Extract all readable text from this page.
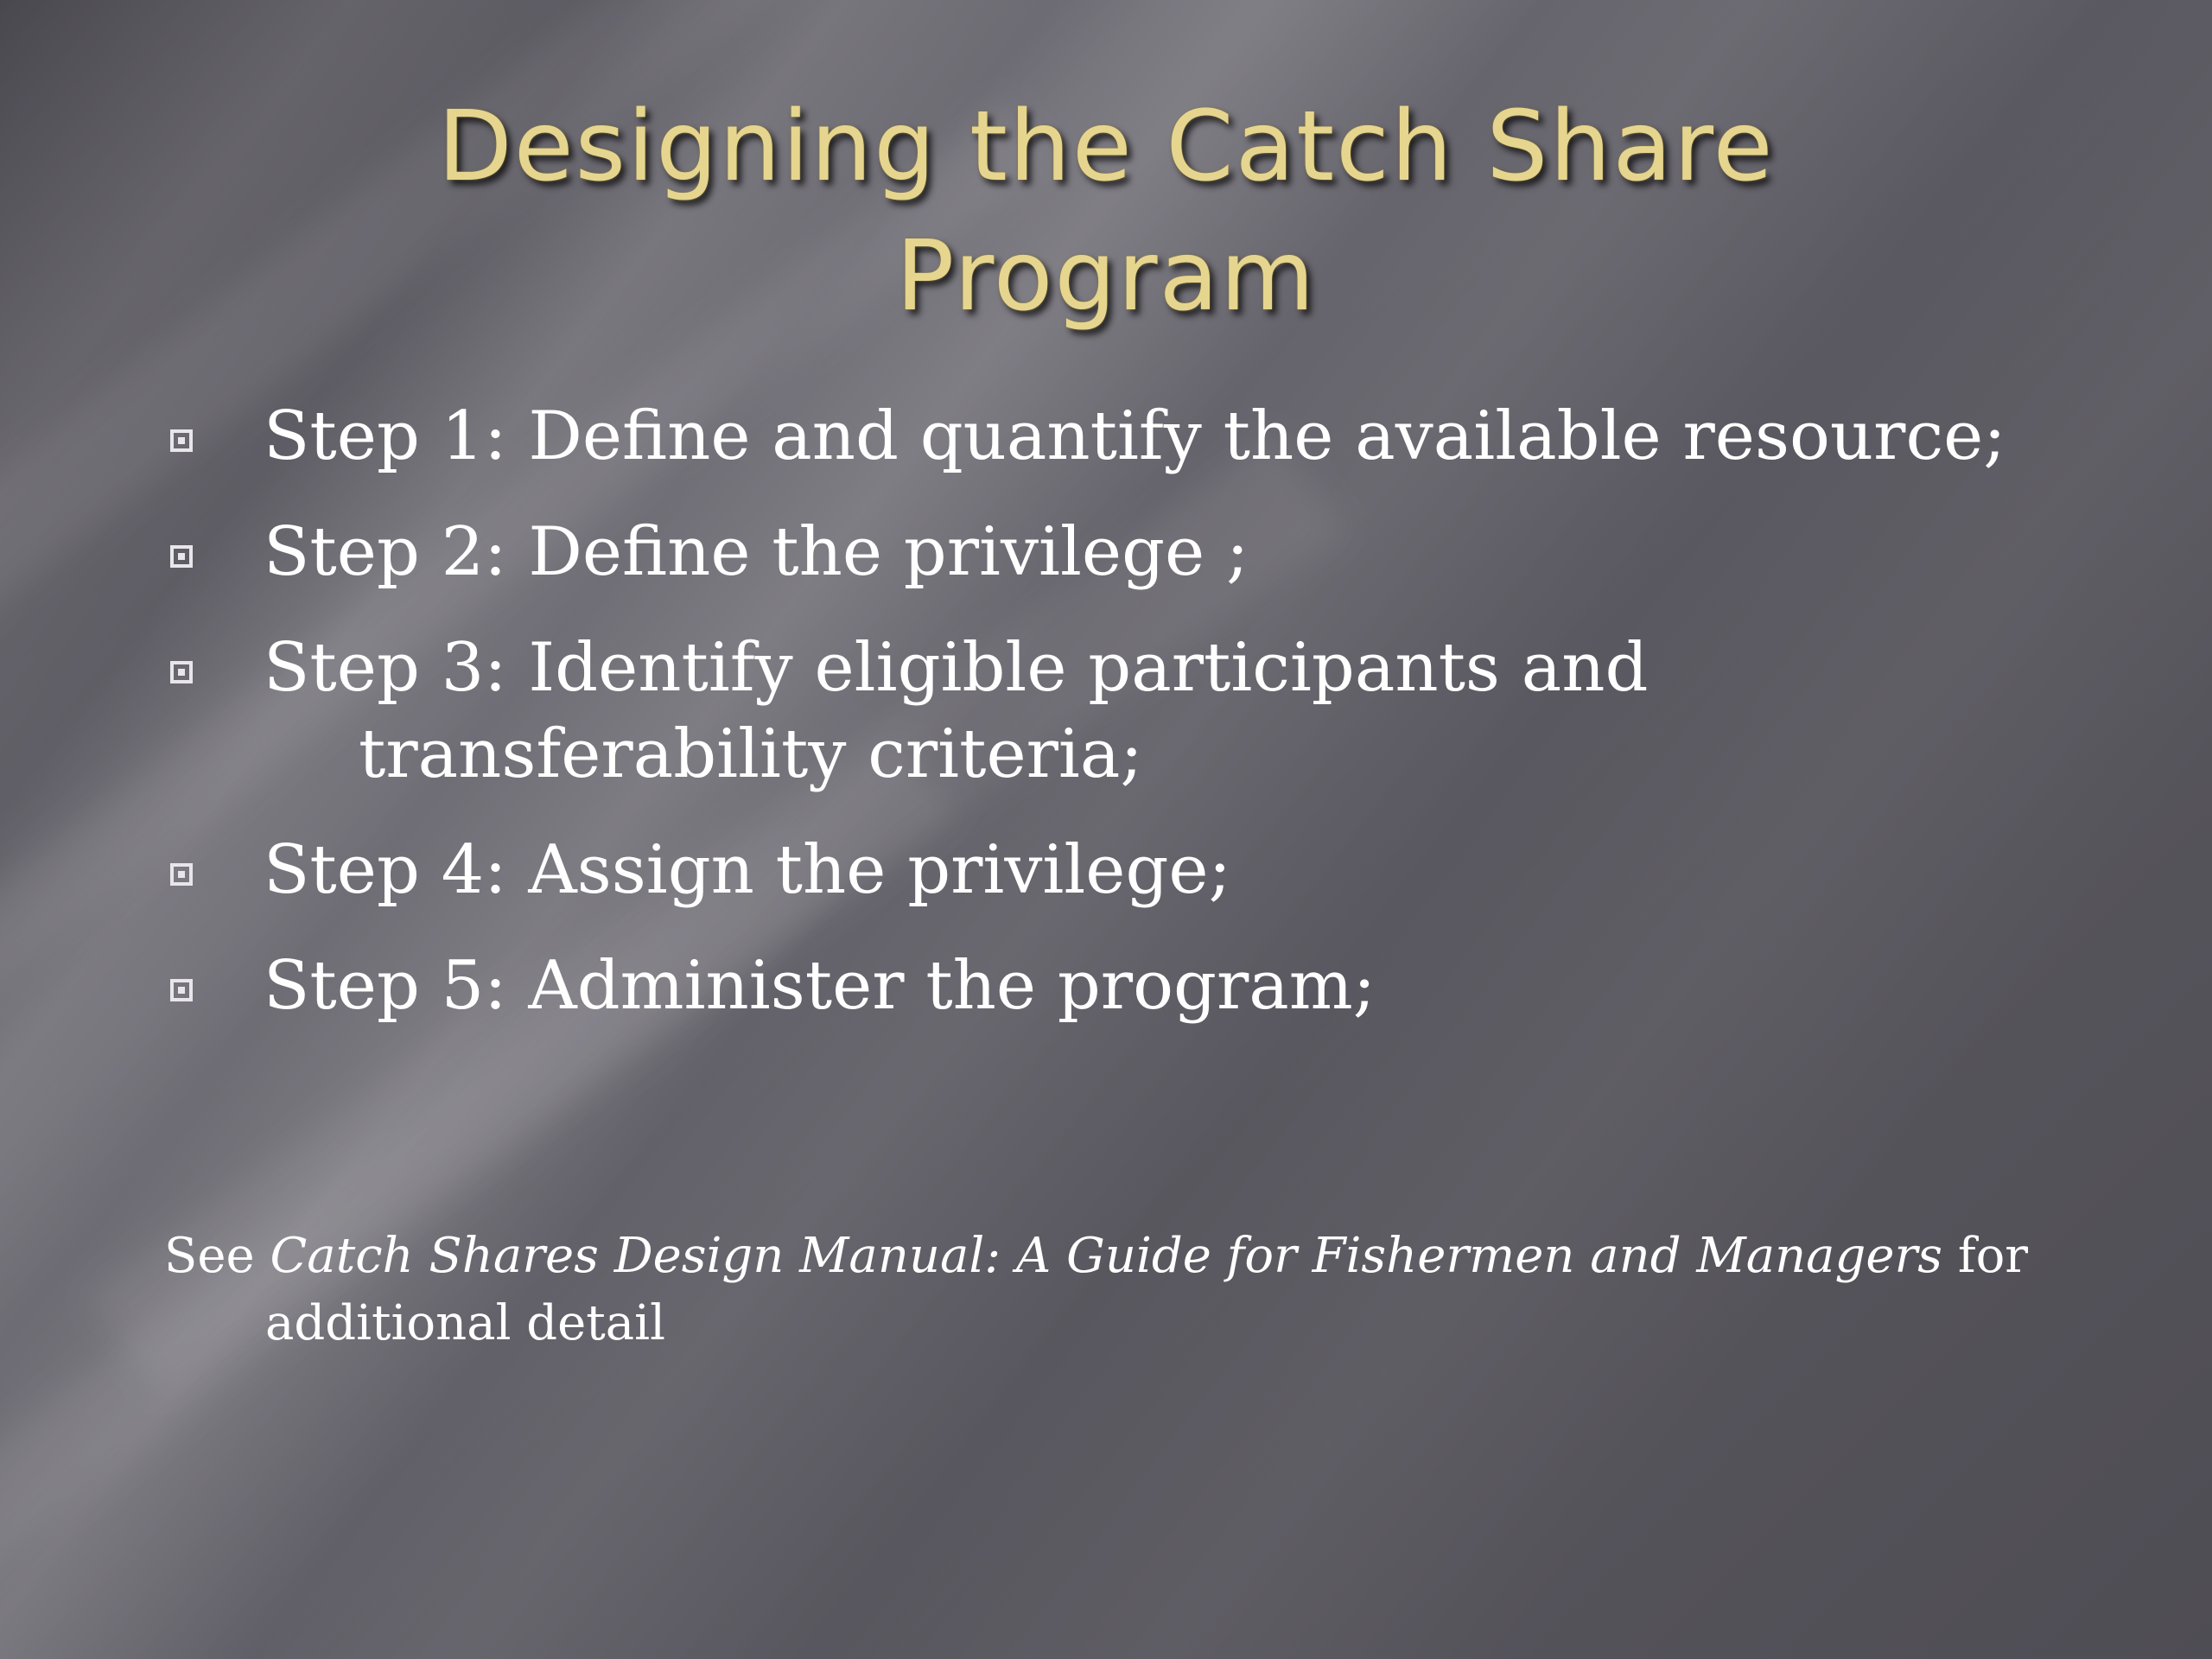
Designing the Catch Share
Program
Step 1: Define and quantify the available resource;
Step 2: Define the privilege ;
Step 3: Identify eligible participants and
transferability criteria;
Step 4: Assign the privilege;
Step 5: Administer the program;

See Catch Shares Design Manual: A Guide for Fishermen and Managers for
additional detail
